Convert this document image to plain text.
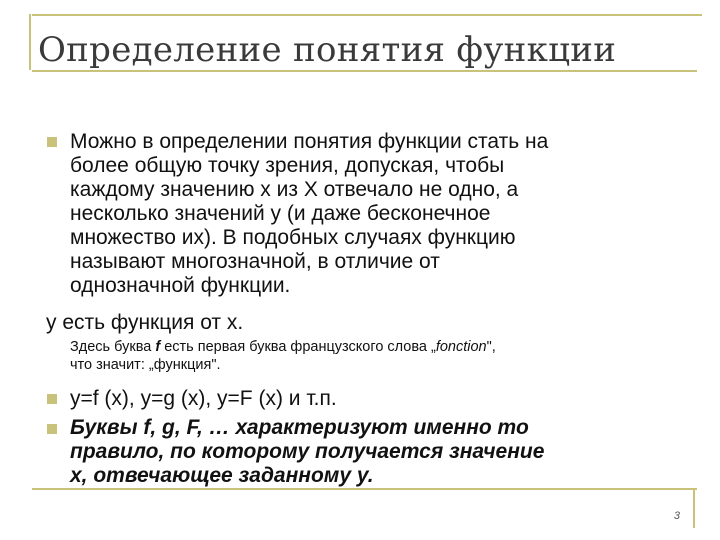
Определение понятия функции
Можно в определении понятия функции стать на
более общую точку зрения, допуская, чтобы
каждому значению x из X отвечало не одно, а
несколько значений y (и даже бесконечное
множество их). В подобных случаях функцию
называют многозначной, в отличие от
однозначной функции.
y есть функция от x.
Здесь буква f есть первая буква французского слова „fonction",
что значит: „функция".
y=f (x), y=g (x), y=F (x) и т.п.
Буквы f, g, F, … характеризуют именно то
правило, по которому получается значение
x, отвечающее заданному y.
3
